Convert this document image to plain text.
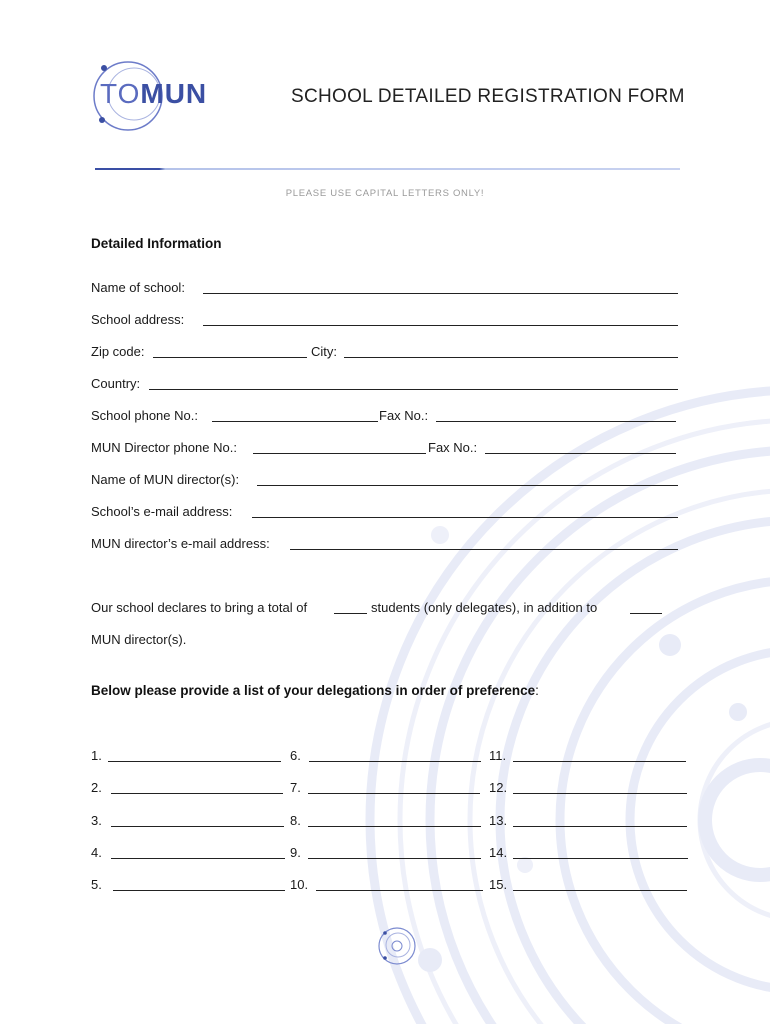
TOMUN	SCHOOL DETAILED REGISTRATION FORM
PLEASE USE CAPITAL LETTERS ONLY!
Detailed Information
Name of school:
School address:
Zip code:	City:
Country:
School phone No.:	Fax No.:
MUN Director phone No.:	Fax No.:
Name of MUN director(s):
School’s e-mail address:
MUN director’s e-mail address:
Our school declares to bring a total of	students (only delegates), in addition to
MUN director(s).
Below please provide a list of your delegations in order of preference:
1.
2.
3.
4.
5.
6.
7.
8.
9.
10.
11.
12.
13.
14.
15.
